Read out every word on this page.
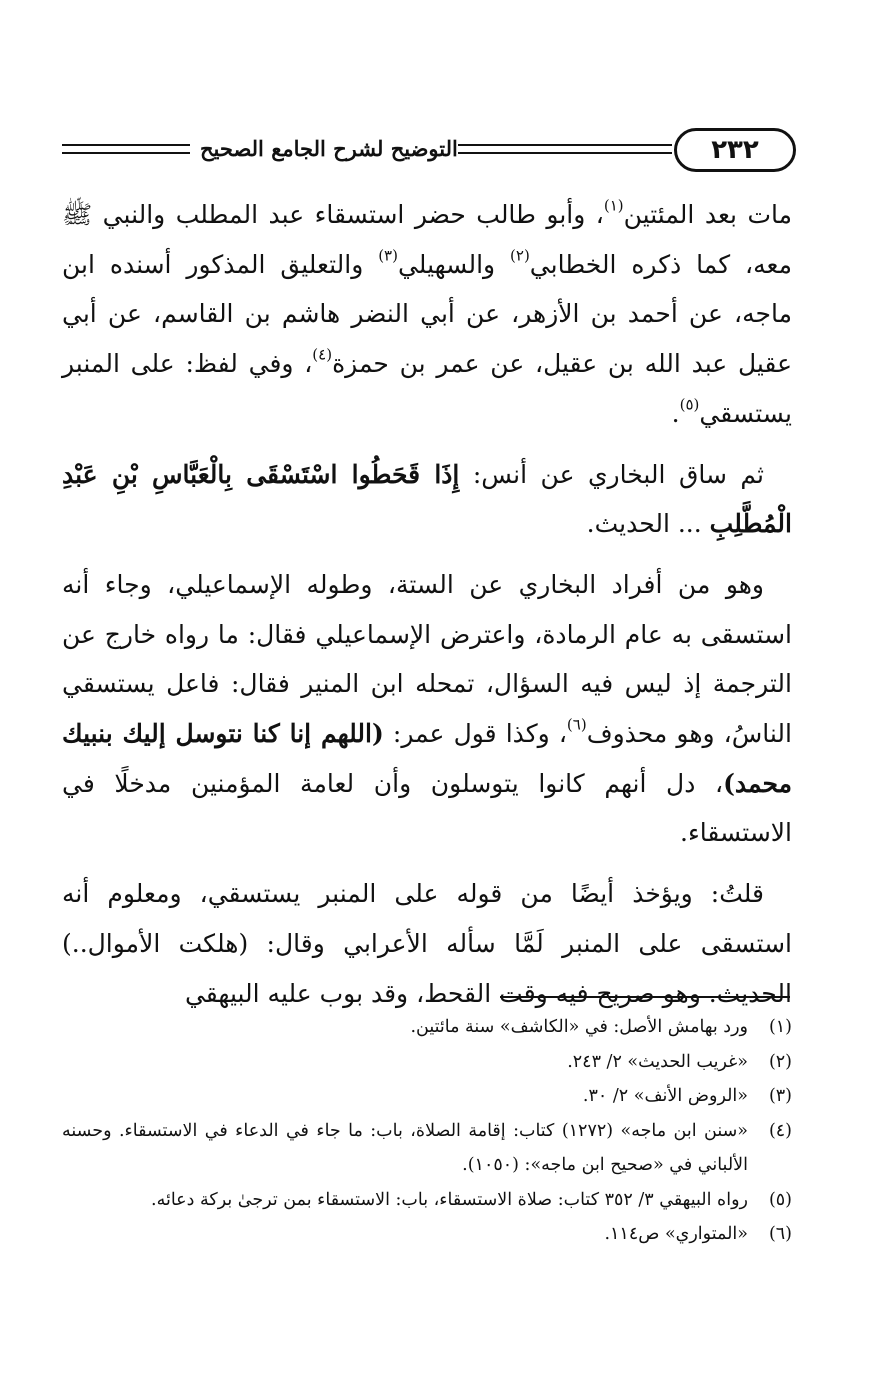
التوضيح لشرح الجامع الصحيح	٢٣٢

مات بعد المئتين$^{(١)}$، وأبو طالب حضر استسقاء عبد المطلب والنبي ﷺ معه، كما ذكره الخطابي$^{(٢)}$ والسهيلي$^{(٣)}$ والتعليق المذكور أسنده ابن ماجه، عن أحمد بن الأزهر، عن أبي النضر هاشم بن القاسم، عن أبي عقيل عبد الله بن عقيل، عن عمر بن حمزة$^{(٤)}$، وفي لفظ: على المنبر يستسقي$^{(٥)}$.

ثم ساق البخاري عن أنس: إِذَا قَحَطُوا اسْتَسْقَى بِالْعَبَّاسِ بْنِ عَبْدِ الْمُطَّلِبِ ... الحديث.

وهو من أفراد البخاري عن الستة، وطوله الإسماعيلي، وجاء أنه استسقى به عام الرمادة، واعترض الإسماعيلي فقال: ما رواه خارج عن الترجمة إذ ليس فيه السؤال، تمحله ابن المنير فقال: فاعل يستسقي الناسُ، وهو محذوف$^{(٦)}$، وكذا قول عمر: (اللهم إنا كنا نتوسل إليك بنبيك محمد)، دل أنهم كانوا يتوسلون وأن لعامة المؤمنين مدخلًا في الاستسقاء.

قلتُ: ويؤخذ أيضًا من قوله على المنبر يستسقي، ومعلوم أنه استسقى على المنبر لَمَّا سأله الأعرابي وقال: (هلكت الأموال..) الحديث. وهو صريح فيه وقت القحط، وقد بوب عليه البيهقي

(١)
ورد بهامش الأصل: في «الكاشف» سنة مائتين.
(٢)
«غريب الحديث» ٢/ ٢٤٣.
(٣)
«الروض الأنف» ٢/ ٣٠.
(٤)
«سنن ابن ماجه» (١٢٧٢) كتاب: إقامة الصلاة، باب: ما جاء في الدعاء في الاستسقاء. وحسنه الألباني في «صحيح ابن ماجه»: (١٠٥٠).
(٥)
رواه البيهقي ٣/ ٣٥٢ كتاب: صلاة الاستسقاء، باب: الاستسقاء بمن ترجىٰ بركة دعائه.
(٦)
«المتواري» ص١١٤.
